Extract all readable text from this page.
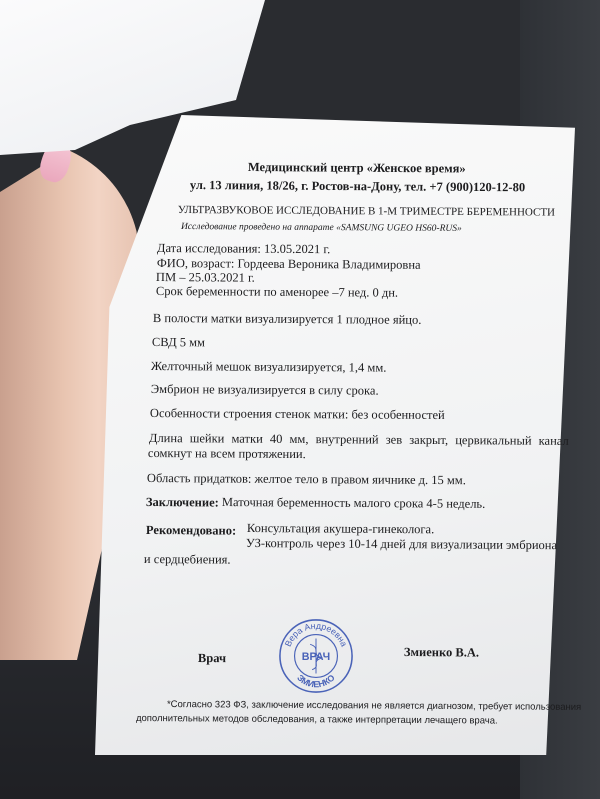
Медицинский центр «Женское время»
ул. 13 линия, 18/26, г. Ростов-на-Дону, тел. +7 (900)120-12-80
УЛЬТРАЗВУКОВОЕ ИССЛЕДОВАНИЕ В 1-М ТРИМЕСТРЕ БЕРЕМЕННОСТИ
Исследование проведено на аппарате «SAMSUNG UGEO HS60-RUS»
Дата исследования: 13.05.2021 г.
ФИО, возраст: Гордеева Вероника Владимировна
ПМ – 25.03.2021 г.
Срок беременности по аменорее –7 нед. 0 дн.
В полости матки визуализируется 1 плодное яйцо.
СВД 5 мм
Желточный мешок визуализируется, 1,4 мм.
Эмбрион не визуализируется в силу срока.
Особенности строения стенок матки: без особенностей
Длина шейки матки 40 мм, внутренний зев закрыт, цервикальный канал
сомкнут на всем протяжении.
Область придатков: желтое тело в правом яичнике д. 15 мм.
Заключение: Маточная беременность малого срока 4-5 недель.
Рекомендовано: Консультация акушера-гинеколога.
УЗ-контроль через 10-14 дней для визуализации эмбриона
и сердцебиения.
Врач	Змиенко В.А.
Вера Андреевна
ЗМИЕНКО
ВРАЧ
*Согласно 323 ФЗ, заключение исследования не является диагнозом, требует использования
дополнительных методов обследования, а также интерпретации лечащего врача.
